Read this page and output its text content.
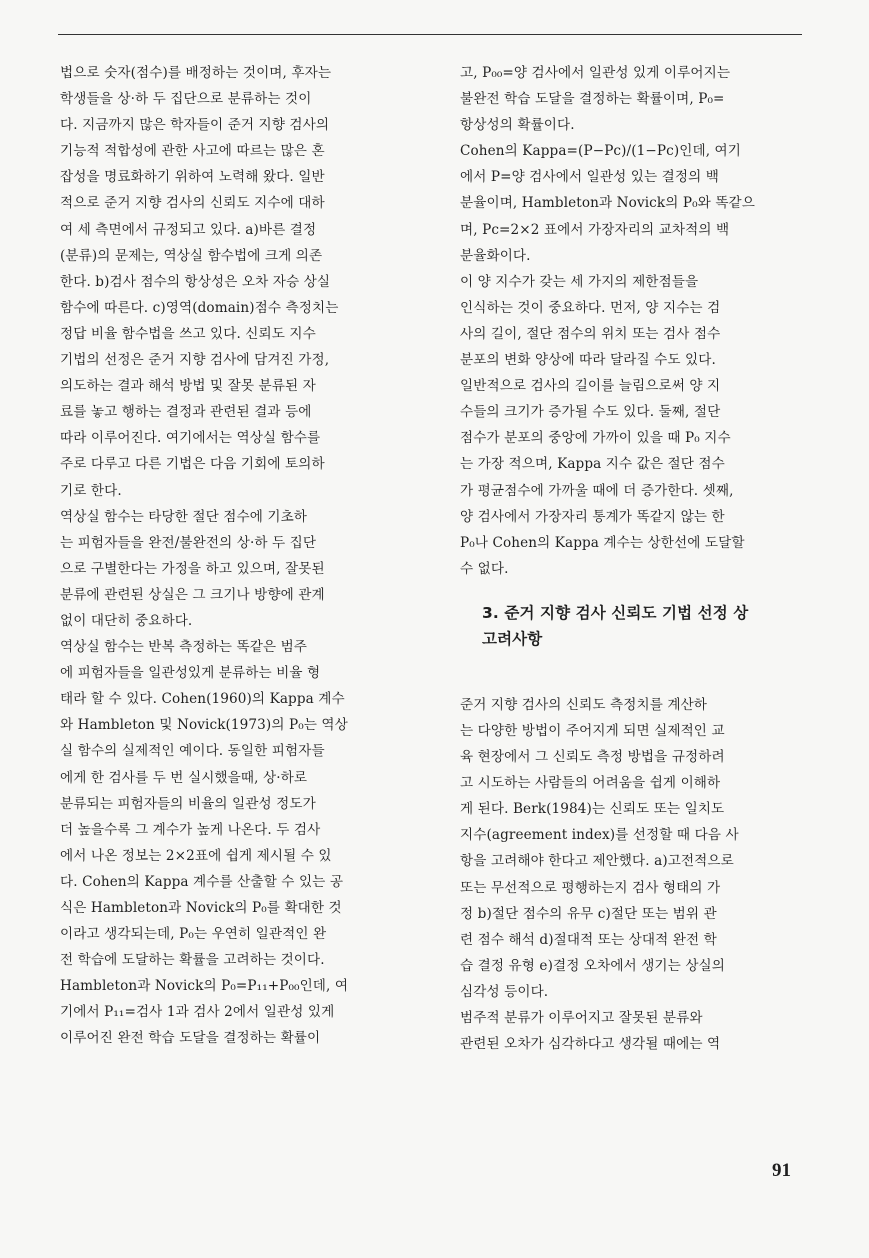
법으로 숫자(점수)를 배정하는 것이며, 후자는
학생들을 상·하 두 집단으로 분류하는 것이
다. 지금까지 많은 학자들이 준거 지향 검사의
기능적 적합성에 관한 사고에 따르는 많은 혼
잡성을 명료화하기 위하여 노력해 왔다. 일반
적으로 준거 지향 검사의 신뢰도 지수에 대하
여 세 측면에서 규정되고 있다. a)바른 결정
(분류)의 문제는, 역상실 함수법에 크게 의존
한다. b)검사 점수의 항상성은 오차 자승 상실
함수에 따른다. c)영역(domain)점수 측정치는
정답 비율 함수법을 쓰고 있다. 신뢰도 지수
기법의 선정은 준거 지향 검사에 담겨진 가정,
의도하는 결과 해석 방법 및 잘못 분류된 자
료를 놓고 행하는 결정과 관련된 결과 등에
따라 이루어진다. 여기에서는 역상실 함수를
주로 다루고 다른 기법은 다음 기회에 토의하
기로 한다.

역상실 함수는 타당한 절단 점수에 기초하
는 피험자들을 완전/불완전의 상·하 두 집단
으로 구별한다는 가정을 하고 있으며, 잘못된
분류에 관련된 상실은 그 크기나 방향에 관계
없이 대단히 중요하다.

역상실 함수는 반복 측정하는 똑같은 범주
에 피험자들을 일관성있게 분류하는 비율 형
태라 할 수 있다. Cohen(1960)의 Kappa 계수
와 Hambleton 및 Novick(1973)의 P₀는 역상
실 함수의 실제적인 예이다. 동일한 피험자들
에게 한 검사를 두 번 실시했을때, 상·하로
분류되는 피험자들의 비율의 일관성 정도가
더 높을수록 그 계수가 높게 나온다. 두 검사
에서 나온 정보는 2×2표에 쉽게 제시될 수 있
다. Cohen의 Kappa 계수를 산출할 수 있는 공
식은 Hambleton과 Novick의 P₀를 확대한 것
이라고 생각되는데, P₀는 우연히 일관적인 완
전 학습에 도달하는 확률을 고려하는 것이다.
Hambleton과 Novick의 P₀=P₁₁+P₀₀인데, 여
기에서 P₁₁=검사 1과 검사 2에서 일관성 있게
이루어진 완전 학습 도달을 결정하는 확률이

고, P₀₀=양 검사에서 일관성 있게 이루어지는
불완전 학습 도달을 결정하는 확률이며, P₀=
항상성의 확률이다.

Cohen의 Kappa=(P−Pc)/(1−Pc)인데, 여기
에서 P=양 검사에서 일관성 있는 결정의 백
분율이며, Hambleton과 Novick의 P₀와 똑같으
며, Pc=2×2 표에서 가장자리의 교차적의 백
분율화이다.

이 양 지수가 갖는 세 가지의 제한점들을
인식하는 것이 중요하다. 먼저, 양 지수는 검
사의 길이, 절단 점수의 위치 또는 검사 점수
분포의 변화 양상에 따라 달라질 수도 있다.
일반적으로 검사의 길이를 늘림으로써 양 지
수들의 크기가 증가될 수도 있다. 둘째, 절단
점수가 분포의 중앙에 가까이 있을 때 P₀ 지수
는 가장 적으며, Kappa 지수 값은 절단 점수
가 평균점수에 가까울 때에 더 증가한다. 셋째,
양 검사에서 가장자리 통계가 똑같지 않는 한
P₀나 Cohen의 Kappa 계수는 상한선에 도달할
수 없다.

3. 준거 지향 검사 신뢰도 기법 선정 상
고려사항

준거 지향 검사의 신뢰도 측정치를 계산하
는 다양한 방법이 주어지게 되면 실제적인 교
육 현장에서 그 신뢰도 측정 방법을 규정하려
고 시도하는 사람들의 어려움을 쉽게 이해하
게 된다. Berk(1984)는 신뢰도 또는 일치도
지수(agreement index)를 선정할 때 다음 사
항을 고려해야 한다고 제안했다. a)고전적으로
또는 무선적으로 평행하는지 검사 형태의 가
정 b)절단 점수의 유무 c)절단 또는 범위 관
련 점수 해석 d)절대적 또는 상대적 완전 학
습 결정 유형 e)결정 오차에서 생기는 상실의
심각성 등이다.

범주적 분류가 이루어지고 잘못된 분류와
관련된 오차가 심각하다고 생각될 때에는 역

91
